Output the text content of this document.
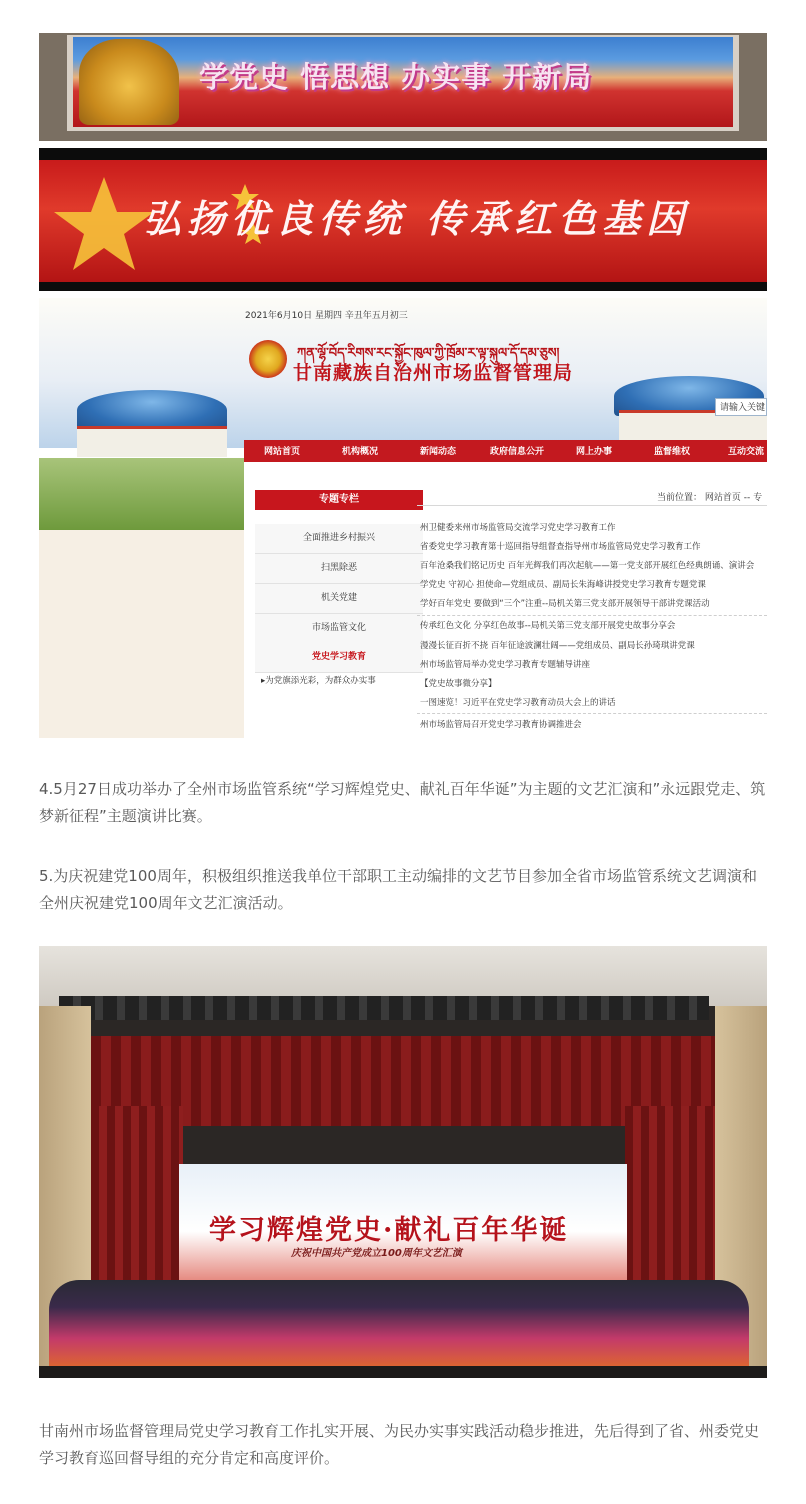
学党史 悟思想 办实事 开新局
弘扬优良传统 传承红色基因
2021年6月10日 星期四 辛丑年五月初三
ཀན་ལྷོ་བོད་རིགས་རང་སྐྱོང་ཁུལ་ཀྱི་ཁྲོམ་ར་ལྟ་སྐུལ་དོ་དམ་ཅུས།
甘南藏族自治州市场监督管理局
请输入关键
网站首页	机构概况	新闻动态	政府信息公开	网上办事	监督维权	互动交流
专题专栏
全面推进乡村振兴
扫黑除恶
机关党建
市场监管文化
党史学习教育
▸为党旗添光彩，为群众办实事
当前位置： 网站首页 -- 专
州卫健委来州市场监管局交流学习党史学习教育工作
省委党史学习教育第十巡回指导组督查指导州市场监管局党史学习教育工作
百年沧桑我们铭记历史 百年光辉我们再次起航——第一党支部开展红色经典朗诵、演讲会
学党史 守初心 担使命—党组成员、副局长朱海峰讲授党史学习教育专题党课
学好百年党史 要做到“三个”注重--局机关第三党支部开展领导干部讲党课活动
传承红色文化 分享红色故事--局机关第三党支部开展党史故事分享会
漫漫长征百折不挠 百年征途波澜壮阔——党组成员、副局长孙琦琪讲党课
州市场监管局举办党史学习教育专题辅导讲座
【党史故事微分享】
一图速览！习近平在党史学习教育动员大会上的讲话
州市场监管局召开党史学习教育协调推进会
4.5月27日成功举办了全州市场监管系统“学习辉煌党史、献礼百年华诞”为主题的文艺汇演和”永远跟党走、筑梦新征程”主题演讲比赛。
5.为庆祝建党100周年，积极组织推送我单位干部职工主动编排的文艺节目参加全省市场监管系统文艺调演和全州庆祝建党100周年文艺汇演活动。
学习辉煌党史·献礼百年华诞
庆祝中国共产党成立100周年文艺汇演
甘南州市场监督管理局党史学习教育工作扎实开展、为民办实事实践活动稳步推进，先后得到了省、州委党史学习教育巡回督导组的充分肯定和高度评价。
